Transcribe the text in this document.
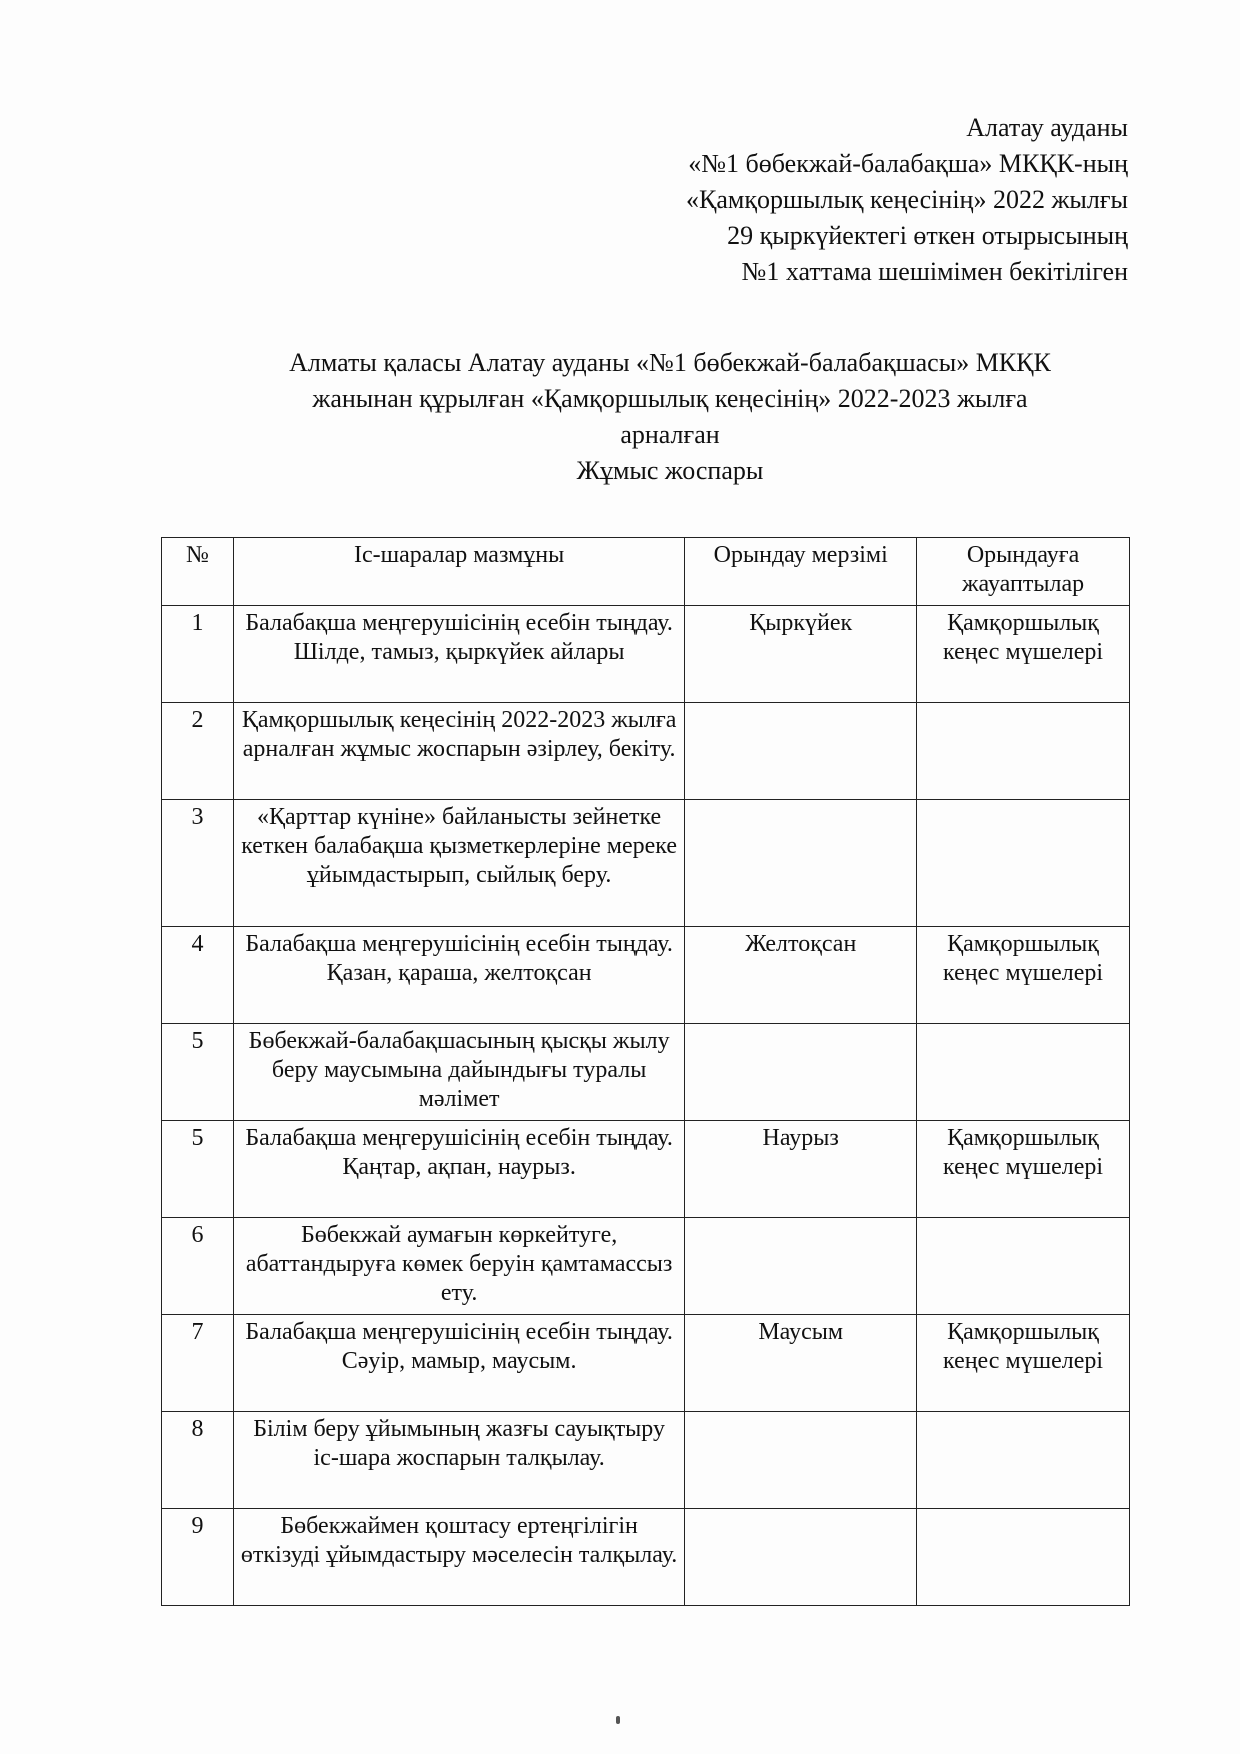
Алатау ауданы
«№1 бөбекжай-балабақша» МКҚК-ның
«Қамқоршылық кеңесінің» 2022 жылғы
29 қыркүйектегі өткен отырысының
№1 хаттама шешімімен бекітіліген
Алматы қаласы Алатау ауданы «№1 бөбекжай-балабақшасы» МКҚК
жанынан құрылған «Қамқоршылық кеңесінің» 2022-2023 жылға
арналған
Жұмыс жоспары
№	Іс-шаралар мазмұны	Орындау мерзімі	Орындауға жауаптылар
1	Балабақша меңгерушісінің есебін тыңдау. Шілде, тамыз, қыркүйек айлары	Қыркүйек	Қамқоршылық кеңес мүшелері
2	Қамқоршылық кеңесінің 2022-2023 жылға арналған жұмыс жоспарын әзірлеу, бекіту.		
3	«Қарттар күніне» байланысты зейнетке кеткен балабақша қызметкерлеріне мереке ұйымдастырып, сыйлық беру.		
4	Балабақша меңгерушісінің есебін тыңдау. Қазан, қараша, желтоқсан	Желтоқсан	Қамқоршылық кеңес мүшелері
5	Бөбекжай-балабақшасының қысқы жылу беру маусымына дайындығы туралы мәлімет		
5	Балабақша меңгерушісінің есебін тыңдау. Қаңтар, ақпан, наурыз.	Наурыз	Қамқоршылық кеңес мүшелері
6	Бөбекжай аумағын көркейтуге, абаттандыруға көмек беруін қамтамассыз ету.		
7	Балабақша меңгерушісінің есебін тыңдау. Сәуір, мамыр, маусым.	Маусым	Қамқоршылық кеңес мүшелері
8	Білім беру ұйымының жазғы сауықтыру іс-шара жоспарын талқылау.		
9	Бөбекжаймен қоштасу ертеңгілігін өткізуді ұйымдастыру мәселесін талқылау.		
